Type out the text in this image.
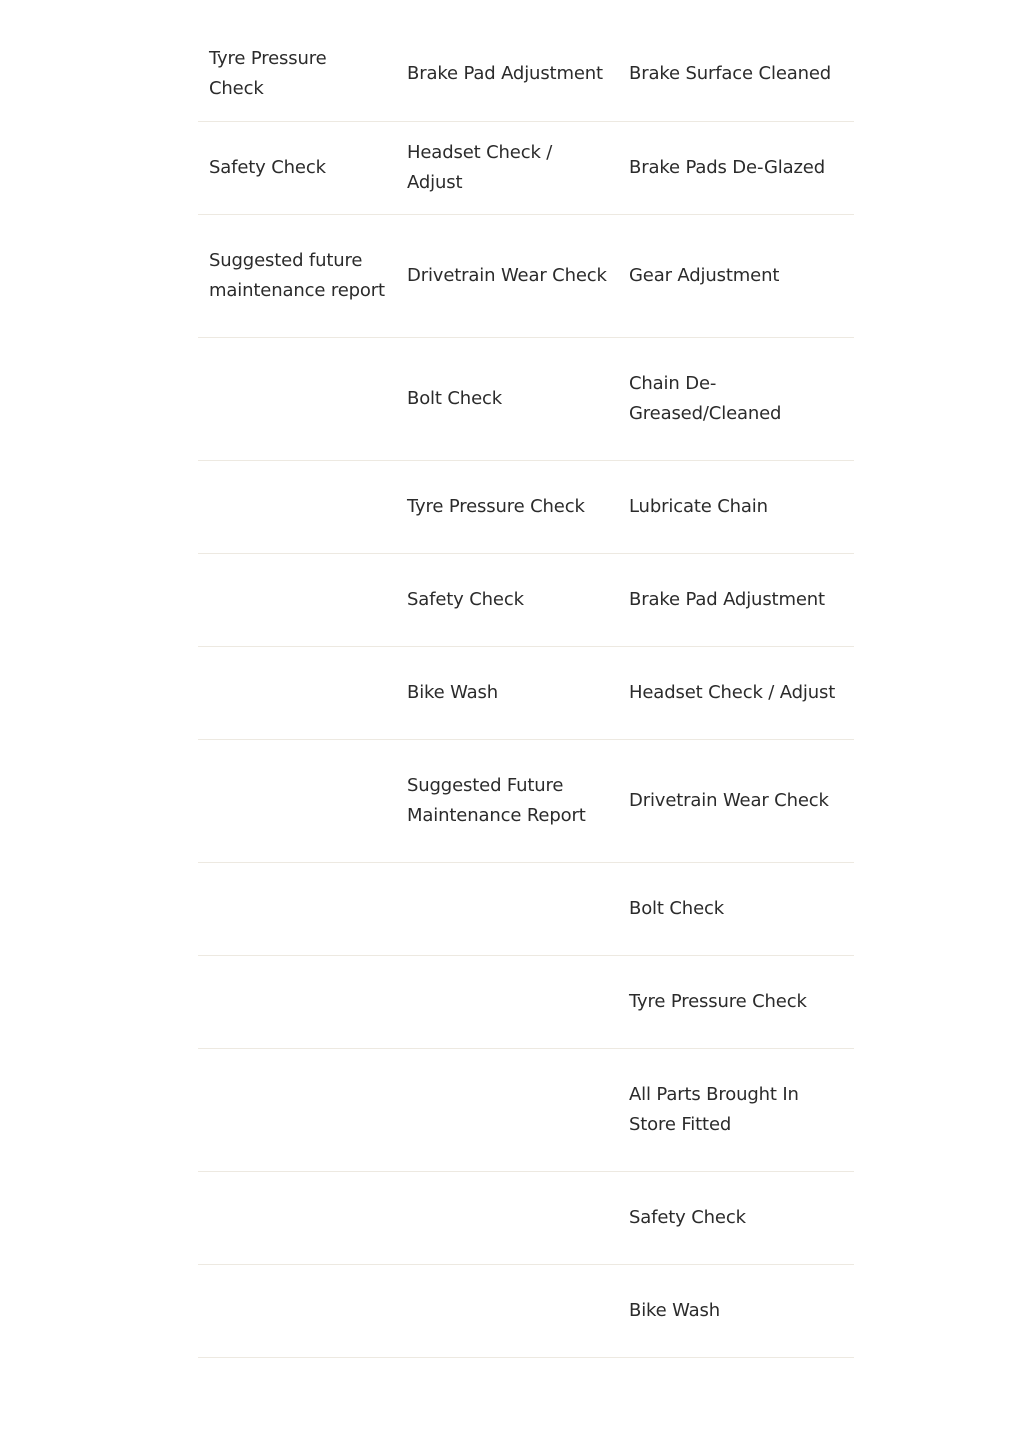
Tyre Pressure Check	Brake Pad Adjustment	Brake Surface Cleaned
Safety Check	Headset Check / Adjust	Brake Pads De-Glazed
Suggested future maintenance report	Drivetrain Wear Check	Gear Adjustment
	Bolt Check	Chain De-Greased/Cleaned
	Tyre Pressure Check	Lubricate Chain
	Safety Check	Brake Pad Adjustment
	Bike Wash	Headset Check / Adjust
	Suggested Future Maintenance Report	Drivetrain Wear Check
		Bolt Check
		Tyre Pressure Check
		All Parts Brought In Store Fitted
		Safety Check
		Bike Wash
